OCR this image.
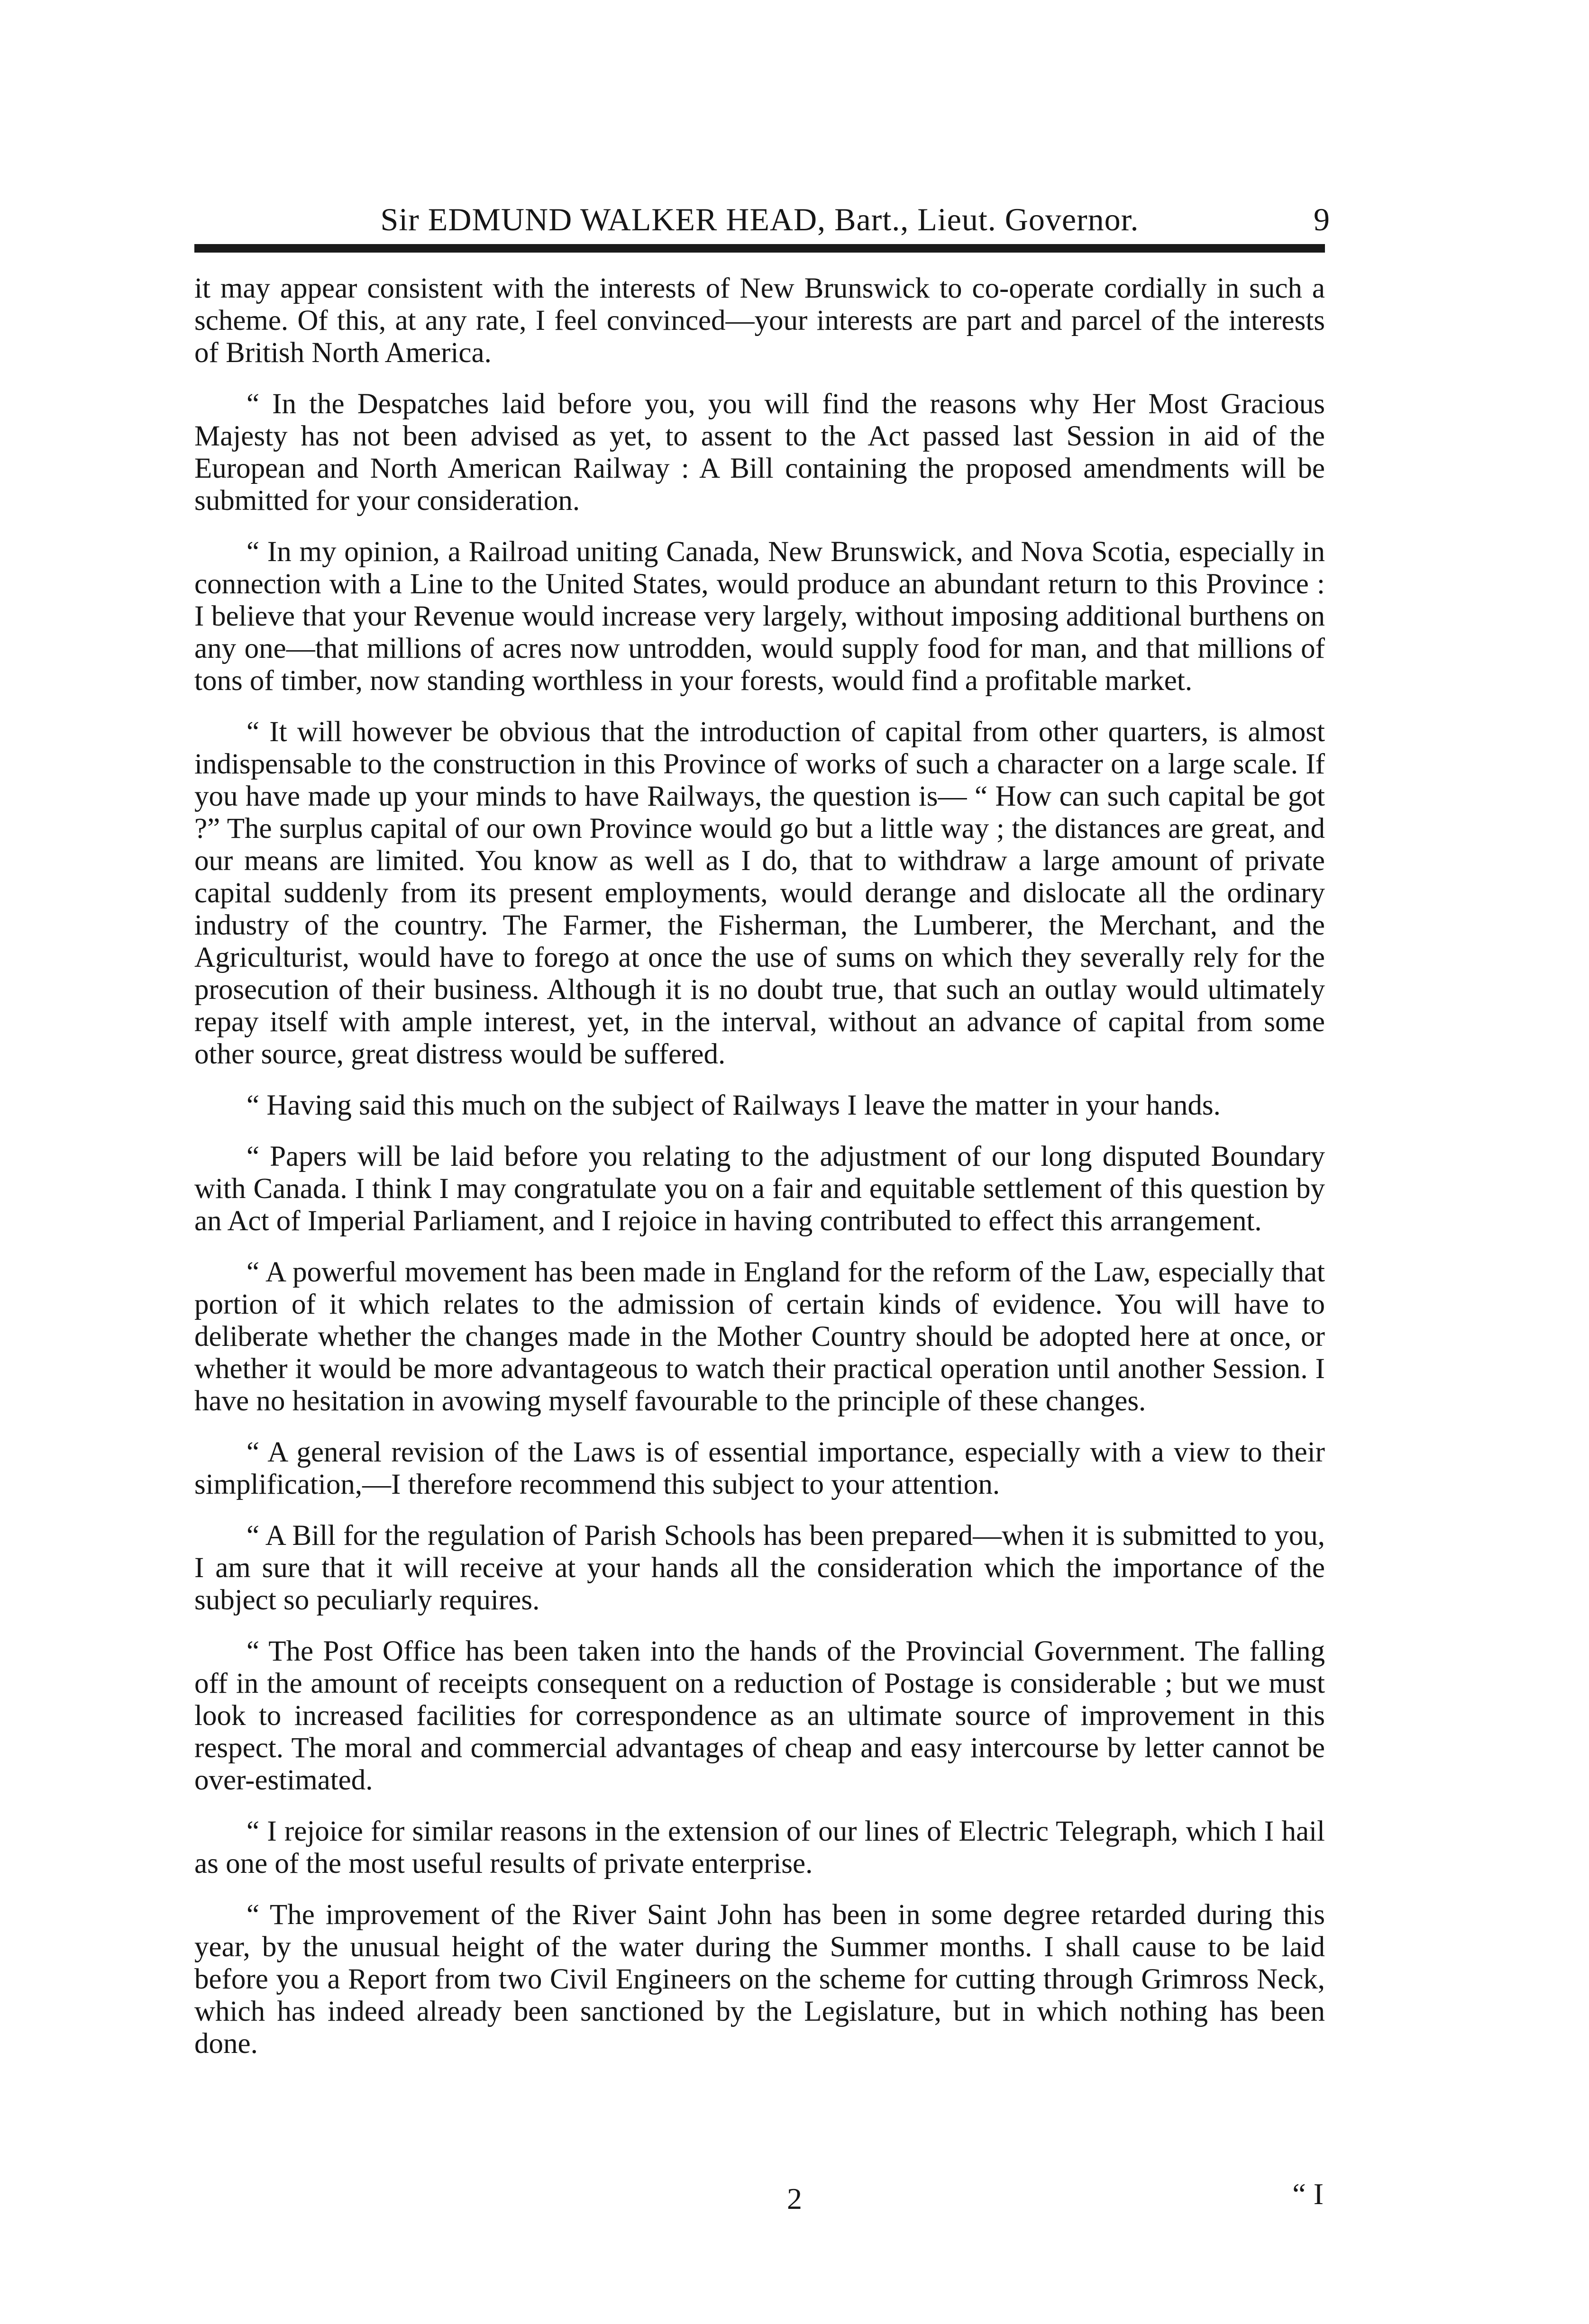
Sir EDMUND WALKER HEAD, Bart., Lieut. Governor.	9

it may appear consistent with the interests of New Brunswick to co-operate cordially in such a scheme. Of this, at any rate, I feel convinced—your interests are part and parcel of the interests of British North America.

“ In the Despatches laid before you, you will find the reasons why Her Most Gracious Majesty has not been advised as yet, to assent to the Act passed last Session in aid of the European and North American Railway : A Bill containing the proposed amendments will be submitted for your consideration.

“ In my opinion, a Railroad uniting Canada, New Brunswick, and Nova Scotia, especially in connection with a Line to the United States, would produce an abundant return to this Province : I believe that your Revenue would increase very largely, without imposing additional burthens on any one—that millions of acres now untrodden, would supply food for man, and that millions of tons of timber, now standing worthless in your forests, would find a profitable market.

“ It will however be obvious that the introduction of capital from other quarters, is almost indispensable to the construction in this Province of works of such a character on a large scale. If you have made up your minds to have Railways, the question is— “ How can such capital be got ?” The surplus capital of our own Province would go but a little way ; the distances are great, and our means are limited. You know as well as I do, that to withdraw a large amount of private capital suddenly from its present employments, would derange and dislocate all the ordinary industry of the country. The Farmer, the Fisherman, the Lumberer, the Merchant, and the Agriculturist, would have to forego at once the use of sums on which they severally rely for the prosecution of their business. Although it is no doubt true, that such an outlay would ultimately repay itself with ample interest, yet, in the interval, without an advance of capital from some other source, great distress would be suffered.

“ Having said this much on the subject of Railways I leave the matter in your hands.

“ Papers will be laid before you relating to the adjustment of our long disputed Boundary with Canada. I think I may congratulate you on a fair and equitable settlement of this question by an Act of Imperial Parliament, and I rejoice in having contributed to effect this arrangement.

“ A powerful movement has been made in England for the reform of the Law, especially that portion of it which relates to the admission of certain kinds of evidence. You will have to deliberate whether the changes made in the Mother Country should be adopted here at once, or whether it would be more advantageous to watch their practical operation until another Session. I have no hesitation in avowing myself favourable to the principle of these changes.

“ A general revision of the Laws is of essential importance, especially with a view to their simplification,—I therefore recommend this subject to your attention.

“ A Bill for the regulation of Parish Schools has been prepared—when it is submitted to you, I am sure that it will receive at your hands all the consideration which the importance of the subject so peculiarly requires.

“ The Post Office has been taken into the hands of the Provincial Government. The falling off in the amount of receipts consequent on a reduction of Postage is considerable ; but we must look to increased facilities for correspondence as an ultimate source of improvement in this respect. The moral and commercial advantages of cheap and easy intercourse by letter cannot be over-estimated.

“ I rejoice for similar reasons in the extension of our lines of Electric Telegraph, which I hail as one of the most useful results of private enterprise.

“ The improvement of the River Saint John has been in some degree retarded during this year, by the unusual height of the water during the Summer months. I shall cause to be laid before you a Report from two Civil Engineers on the scheme for cutting through Grimross Neck, which has indeed already been sanctioned by the Legislature, but in which nothing has been done.

“ I
2
